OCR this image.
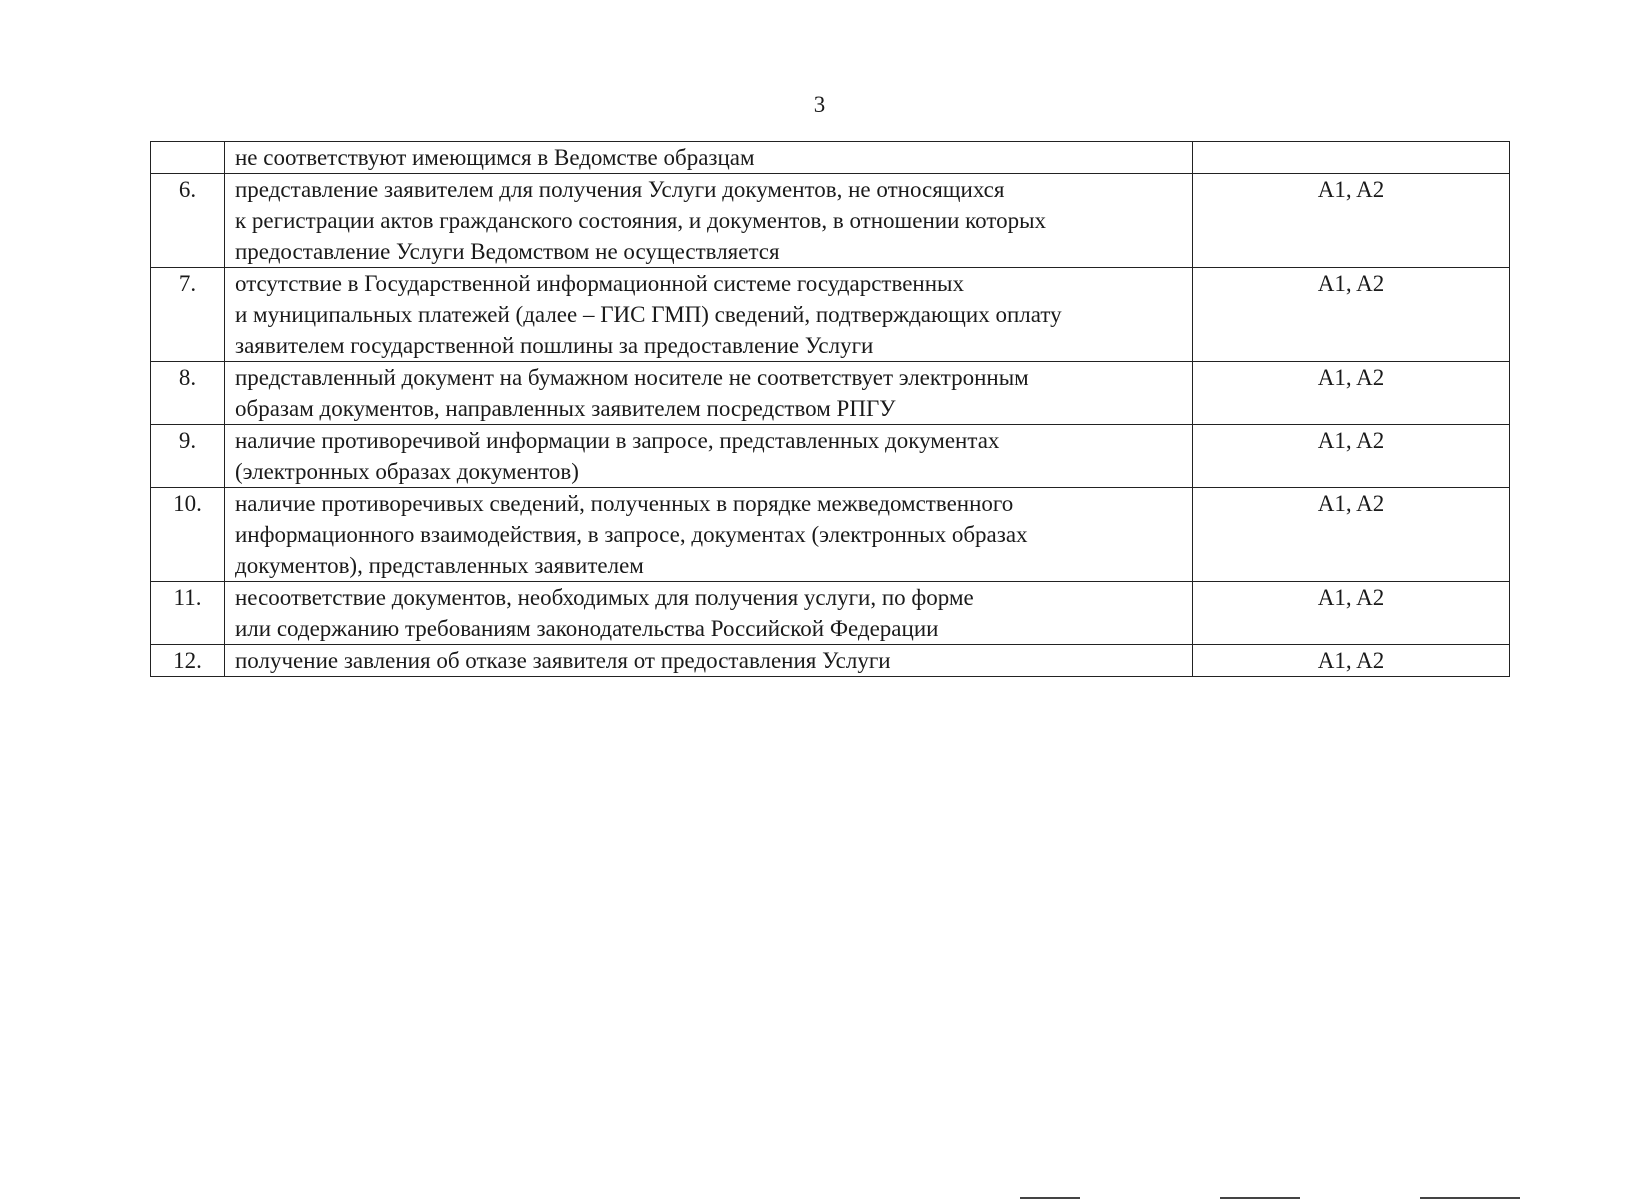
3
	не соответствуют имеющимся в Ведомстве образцам	
6.	представление заявителем для получения Услуги документов, не относящихся
к регистрации актов гражданского состояния, и документов, в отношении которых
предоставление Услуги Ведомством не осуществляется	A1, A2
7.	отсутствие в Государственной информационной системе государственных
и муниципальных платежей (далее – ГИС ГМП) сведений, подтверждающих оплату
заявителем государственной пошлины за предоставление Услуги	A1, A2
8.	представленный документ на бумажном носителе не соответствует электронным
образам документов, направленных заявителем посредством РПГУ	A1, A2
9.	наличие противоречивой информации в запросе, представленных документах
(электронных образах документов)	A1, A2
10.	наличие противоречивых сведений, полученных в порядке межведомственного
информационного взаимодействия, в запросе, документах (электронных образах
документов), представленных заявителем	A1, A2
11.	несоответствие документов, необходимых для получения услуги, по форме
или содержанию требованиям законодательства Российской Федерации	A1, A2
12.	получение завления об отказе заявителя от предоставления Услуги	A1, A2
